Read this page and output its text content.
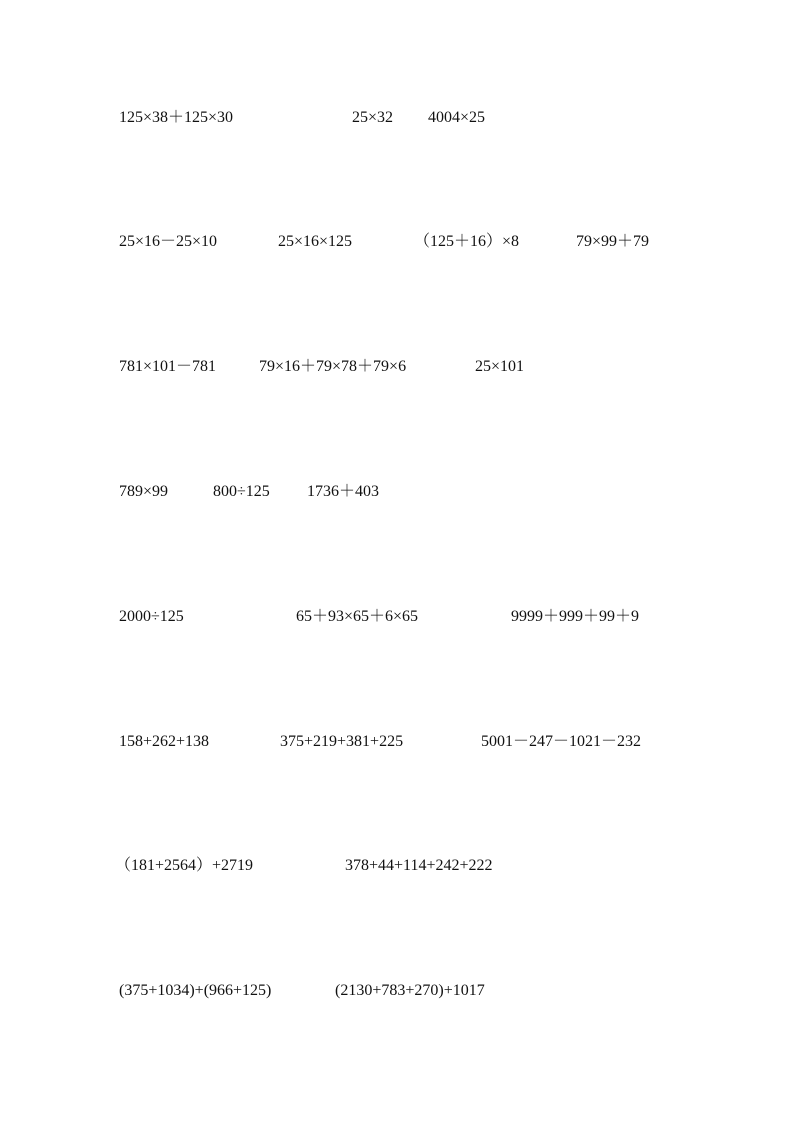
125×38＋125×30	25×32 4004×25
25×16－25×10	25×16×125	（125＋16）×8	79×99＋79
781×101－781	79×16＋79×78＋79×6	25×101
789×99	800÷125 1736＋403
2000÷125	65＋93×65＋6×65	9999＋999＋99＋9
158+262+138	375+219+381+225	5001－247－1021－232
（181+2564）+2719	378+44+114+242+222
(375+1034)+(966+125)	(2130+783+270)+1017
